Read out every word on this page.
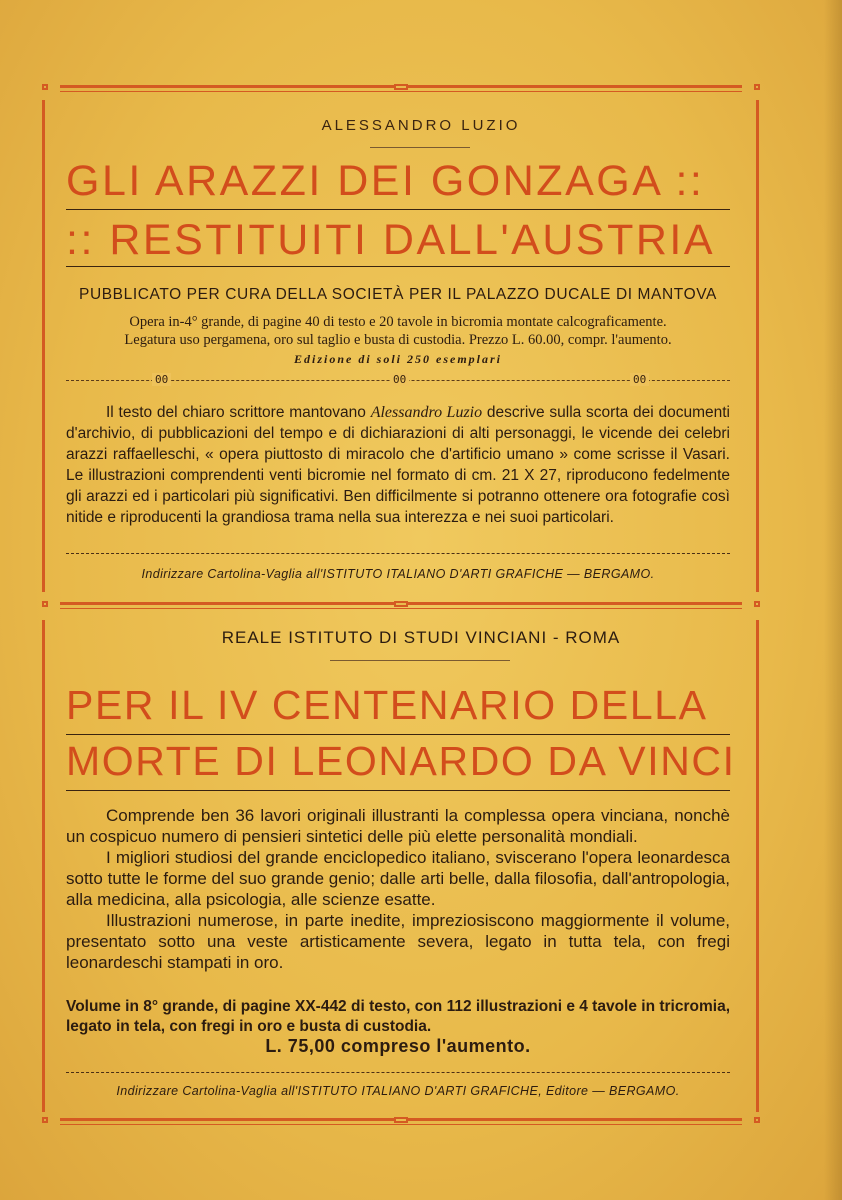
ALESSANDRO LUZIO
GLI ARAZZI DEI GONZAGA ::
:: RESTITUITI DALL'AUSTRIA
PUBBLICATO PER CURA DELLA SOCIETÀ PER IL PALAZZO DUCALE DI MANTOVA
Opera in-4° grande, di pagine 40 di testo e 20 tavole in bicromia montate calcograficamente.
Legatura uso pergamena, oro sul taglio e busta di custodia. Prezzo L. 60.00, compr. l'aumento.
Edizione di soli 250 esemplari
00	00	00

Il testo del chiaro scrittore mantovano Alessandro Luzio descrive sulla scorta dei documenti d'archivio, di pubblicazioni del tempo e di dichiarazioni di alti personaggi, le vicende dei celebri arazzi raffaelleschi, « opera piuttosto di miracolo che d'artificio umano » come scrisse il Vasari. Le illustrazioni comprendenti venti bicromie nel formato di cm. 21 X 27, riproducono fedelmente gli arazzi ed i particolari più significativi. Ben difficilmente si potranno ottenere ora fotografie così nitide e riproducenti la grandiosa trama nella sua interezza e nei suoi particolari.

Indirizzare Cartolina-Vaglia all'ISTITUTO ITALIANO D'ARTI GRAFICHE — BERGAMO.
REALE ISTITUTO DI STUDI VINCIANI - ROMA
PER IL IV CENTENARIO DELLA
MORTE DI LEONARDO DA VINCI

Comprende ben 36 lavori originali illustranti la complessa opera vinciana, nonchè un cospicuo numero di pensieri sintetici delle più elette personalità mondiali.

I migliori studiosi del grande enciclopedico italiano, sviscerano l'opera leonardesca sotto tutte le forme del suo grande genio; dalle arti belle, dalla filosofia, dall'antropologia, alla medicina, alla psicologia, alle scienze esatte.

Illustrazioni numerose, in parte inedite, impreziosiscono maggiormente il volume, presentato sotto una veste artisticamente severa, legato in tutta tela, con fregi leonardeschi stampati in oro.

Volume in 8° grande, di pagine XX-442 di testo, con 112 illustrazioni e 4 tavole in tricromia, legato in tela, con fregi in oro e busta di custodia.
L. 75,00 compreso l'aumento.
Indirizzare Cartolina-Vaglia all'ISTITUTO ITALIANO D'ARTI GRAFICHE, Editore — BERGAMO.
